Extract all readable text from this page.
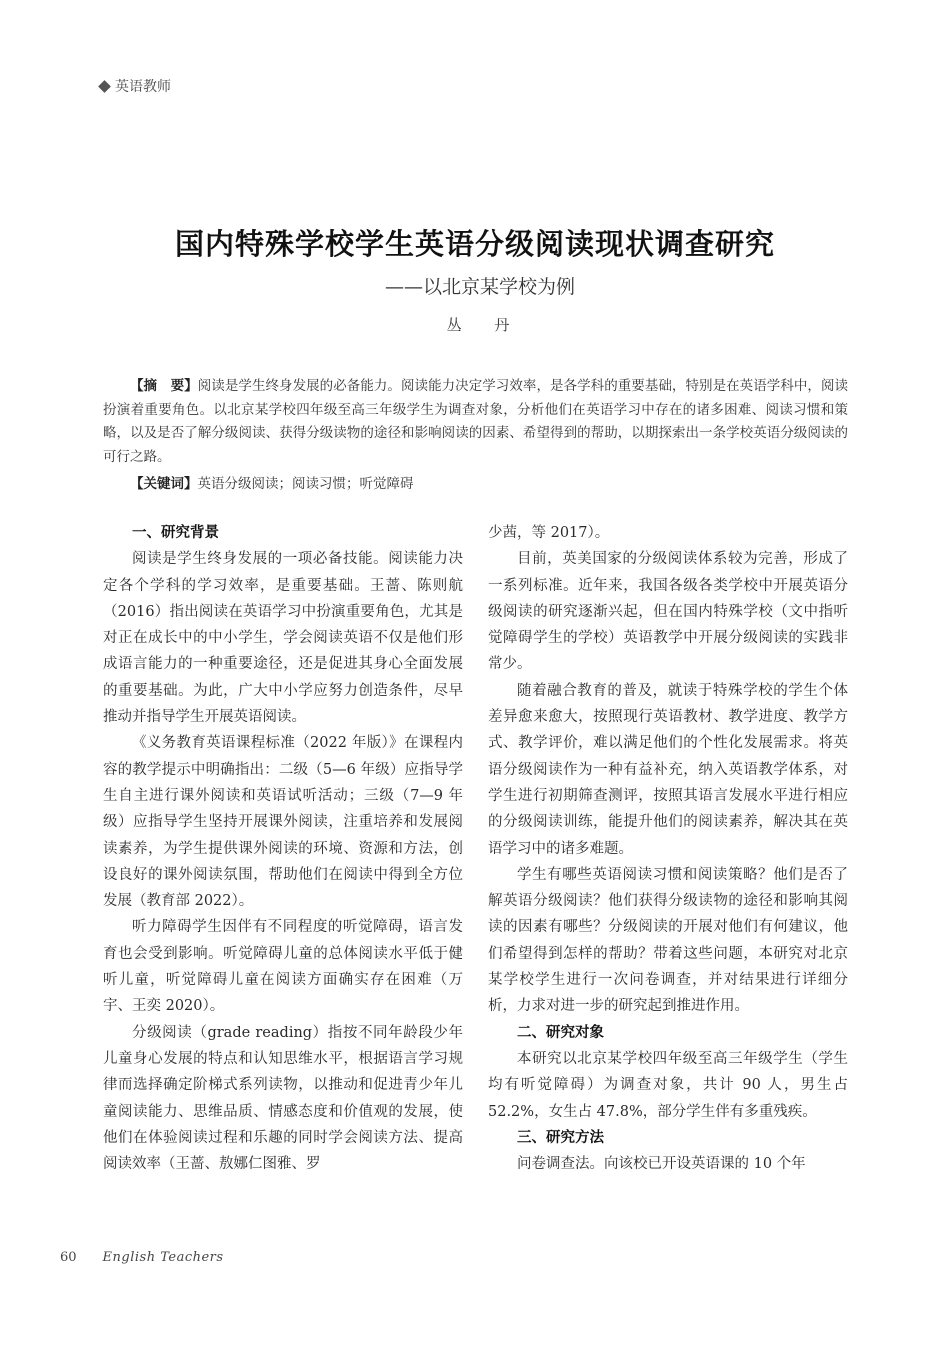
英语教师
国内特殊学校学生英语分级阅读现状调查研究
——以北京某学校为例
丛 丹

【摘　要】阅读是学生终身发展的必备能力。阅读能力决定学习效率，是各学科的重要基础，特别是在英语学科中，阅读扮演着重要角色。以北京某学校四年级至高三年级学生为调查对象，分析他们在英语学习中存在的诸多困难、阅读习惯和策略，以及是否了解分级阅读、获得分级读物的途径和影响阅读的因素、希望得到的帮助，以期探索出一条学校英语分级阅读的可行之路。

【关键词】英语分级阅读；阅读习惯；听觉障碍

一、研究背景

阅读是学生终身发展的一项必备技能。阅读能力决定各个学科的学习效率，是重要基础。王蔷、陈则航（2016）指出阅读在英语学习中扮演重要角色，尤其是对正在成长中的中小学生，学会阅读英语不仅是他们形成语言能力的一种重要途径，还是促进其身心全面发展的重要基础。为此，广大中小学应努力创造条件，尽早推动并指导学生开展英语阅读。

《义务教育英语课程标准（2022 年版）》在课程内容的教学提示中明确指出：二级（5—6 年级）应指导学生自主进行课外阅读和英语试听活动；三级（7—9 年级）应指导学生坚持开展课外阅读，注重培养和发展阅读素养，为学生提供课外阅读的环境、资源和方法，创设良好的课外阅读氛围，帮助他们在阅读中得到全方位发展（教育部 2022）。

听力障碍学生因伴有不同程度的听觉障碍，语言发育也会受到影响。听觉障碍儿童的总体阅读水平低于健听儿童，听觉障碍儿童在阅读方面确实存在困难（万宇、王奕 2020）。

分级阅读（grade reading）指按不同年龄段少年儿童身心发展的特点和认知思维水平，根据语言学习规律而选择确定阶梯式系列读物，以推动和促进青少年儿童阅读能力、思维品质、情感态度和价值观的发展，使他们在体验阅读过程和乐趣的同时学会阅读方法、提高阅读效率（王蔷、敖娜仁图雅、罗

少茜，等 2017）。

目前，英美国家的分级阅读体系较为完善，形成了一系列标准。近年来，我国各级各类学校中开展英语分级阅读的研究逐渐兴起，但在国内特殊学校（文中指听觉障碍学生的学校）英语教学中开展分级阅读的实践非常少。

随着融合教育的普及，就读于特殊学校的学生个体差异愈来愈大，按照现行英语教材、教学进度、教学方式、教学评价，难以满足他们的个性化发展需求。将英语分级阅读作为一种有益补充，纳入英语教学体系，对学生进行初期筛查测评，按照其语言发展水平进行相应的分级阅读训练，能提升他们的阅读素养，解决其在英语学习中的诸多难题。

学生有哪些英语阅读习惯和阅读策略？他们是否了解英语分级阅读？他们获得分级读物的途径和影响其阅读的因素有哪些？分级阅读的开展对他们有何建议，他们希望得到怎样的帮助？带着这些问题，本研究对北京某学校学生进行一次问卷调查，并对结果进行详细分析，力求对进一步的研究起到推进作用。

二、研究对象

本研究以北京某学校四年级至高三年级学生（学生均有听觉障碍）为调查对象，共计 90 人，男生占 52.2%，女生占 47.8%，部分学生伴有多重残疾。

三、研究方法

问卷调查法。向该校已开设英语课的 10 个年

60 English Teachers
